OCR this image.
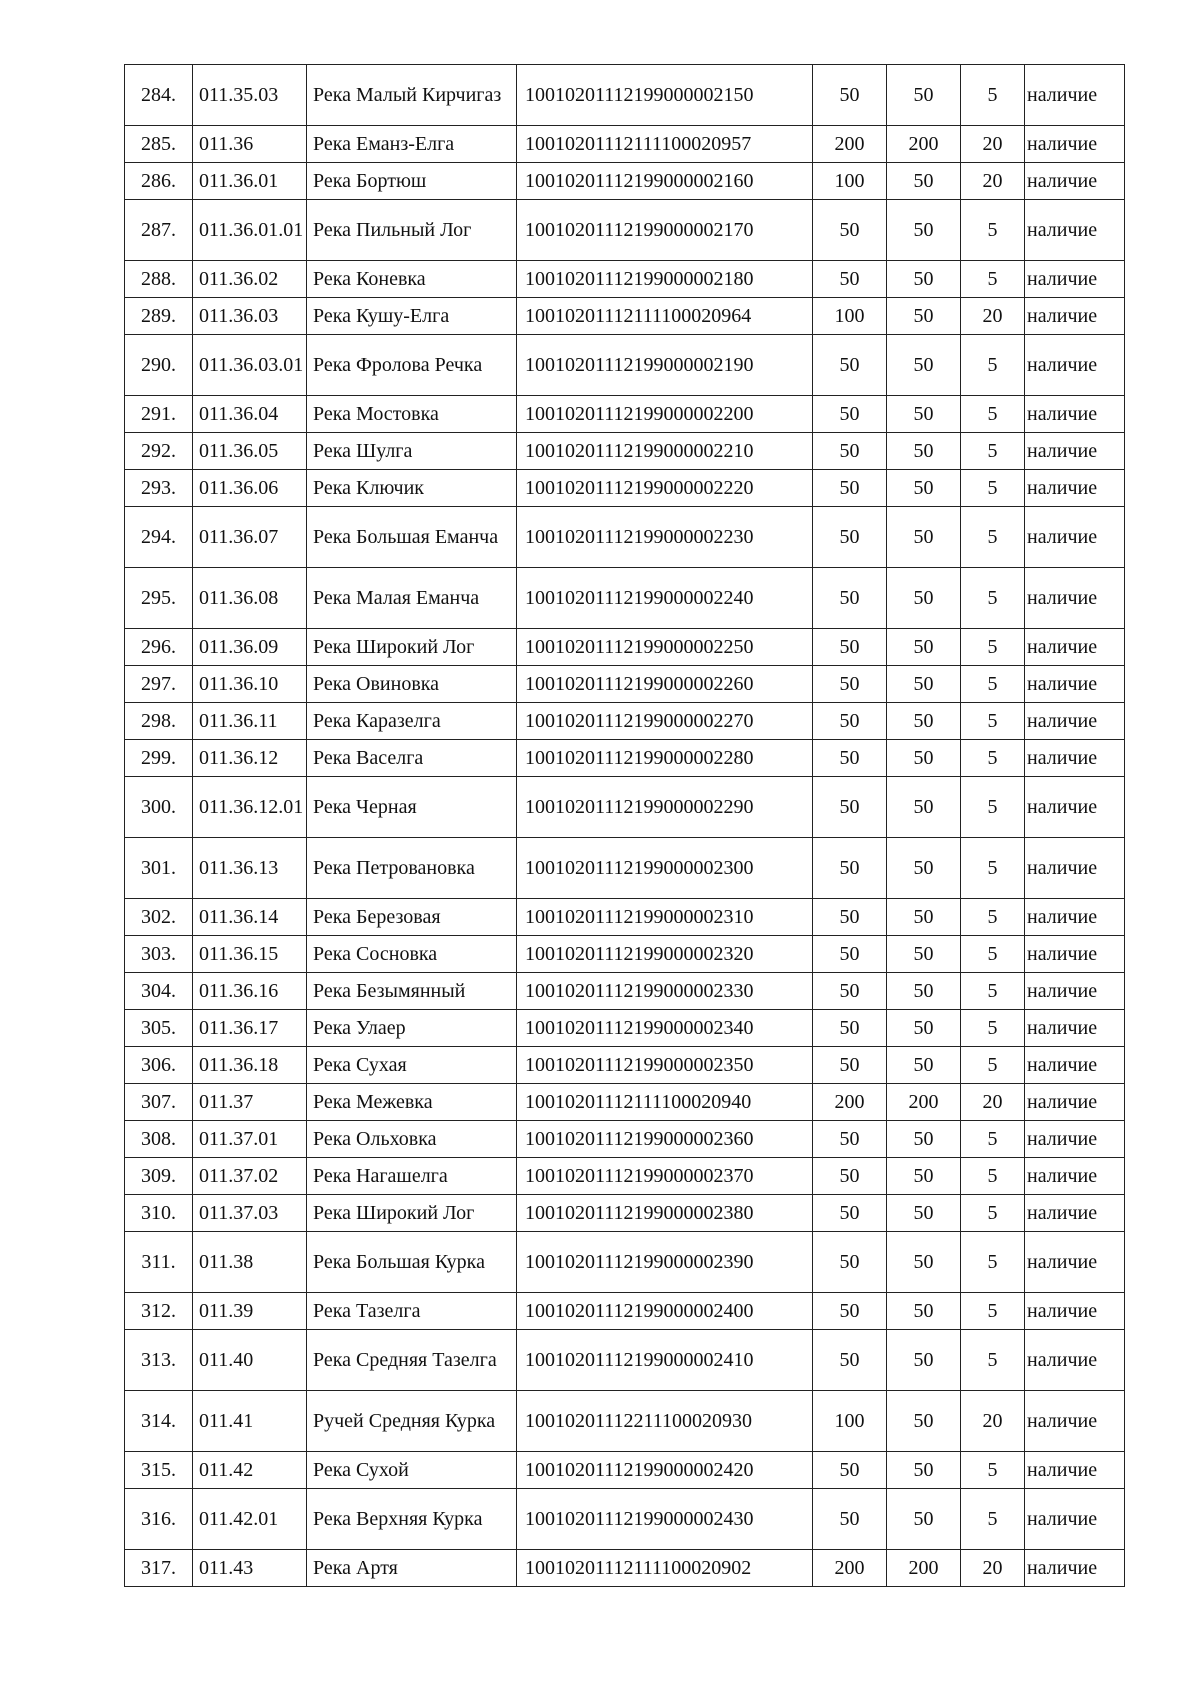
284.	011.35.03	Река Малый Кирчигаз	10010201112199000002150	50	50	5	наличие
285.	011.36	Река Еманз-Елга	10010201112111100020957	200	200	20	наличие
286.	011.36.01	Река Бортюш	10010201112199000002160	100	50	20	наличие
287.	011.36.01.01	Река Пильный Лог	10010201112199000002170	50	50	5	наличие
288.	011.36.02	Река Коневка	10010201112199000002180	50	50	5	наличие
289.	011.36.03	Река Кушу-Елга	10010201112111100020964	100	50	20	наличие
290.	011.36.03.01	Река Фролова Речка	10010201112199000002190	50	50	5	наличие
291.	011.36.04	Река Мостовка	10010201112199000002200	50	50	5	наличие
292.	011.36.05	Река Шулга	10010201112199000002210	50	50	5	наличие
293.	011.36.06	Река Ключик	10010201112199000002220	50	50	5	наличие
294.	011.36.07	Река Большая Еманча	10010201112199000002230	50	50	5	наличие
295.	011.36.08	Река Малая Еманча	10010201112199000002240	50	50	5	наличие
296.	011.36.09	Река Широкий Лог	10010201112199000002250	50	50	5	наличие
297.	011.36.10	Река Овиновка	10010201112199000002260	50	50	5	наличие
298.	011.36.11	Река Каразелга	10010201112199000002270	50	50	5	наличие
299.	011.36.12	Река Васелга	10010201112199000002280	50	50	5	наличие
300.	011.36.12.01	Река Черная	10010201112199000002290	50	50	5	наличие
301.	011.36.13	Река Петровановка	10010201112199000002300	50	50	5	наличие
302.	011.36.14	Река Березовая	10010201112199000002310	50	50	5	наличие
303.	011.36.15	Река Сосновка	10010201112199000002320	50	50	5	наличие
304.	011.36.16	Река Безымянный	10010201112199000002330	50	50	5	наличие
305.	011.36.17	Река Улаер	10010201112199000002340	50	50	5	наличие
306.	011.36.18	Река Сухая	10010201112199000002350	50	50	5	наличие
307.	011.37	Река Межевка	10010201112111100020940	200	200	20	наличие
308.	011.37.01	Река Ольховка	10010201112199000002360	50	50	5	наличие
309.	011.37.02	Река Нагашелга	10010201112199000002370	50	50	5	наличие
310.	011.37.03	Река Широкий Лог	10010201112199000002380	50	50	5	наличие
311.	011.38	Река Большая Курка	10010201112199000002390	50	50	5	наличие
312.	011.39	Река Тазелга	10010201112199000002400	50	50	5	наличие
313.	011.40	Река Средняя Тазелга	10010201112199000002410	50	50	5	наличие
314.	011.41	Ручей Средняя Курка	10010201112211100020930	100	50	20	наличие
315.	011.42	Река Сухой	10010201112199000002420	50	50	5	наличие
316.	011.42.01	Река Верхняя Курка	10010201112199000002430	50	50	5	наличие
317.	011.43	Река Артя	10010201112111100020902	200	200	20	наличие
